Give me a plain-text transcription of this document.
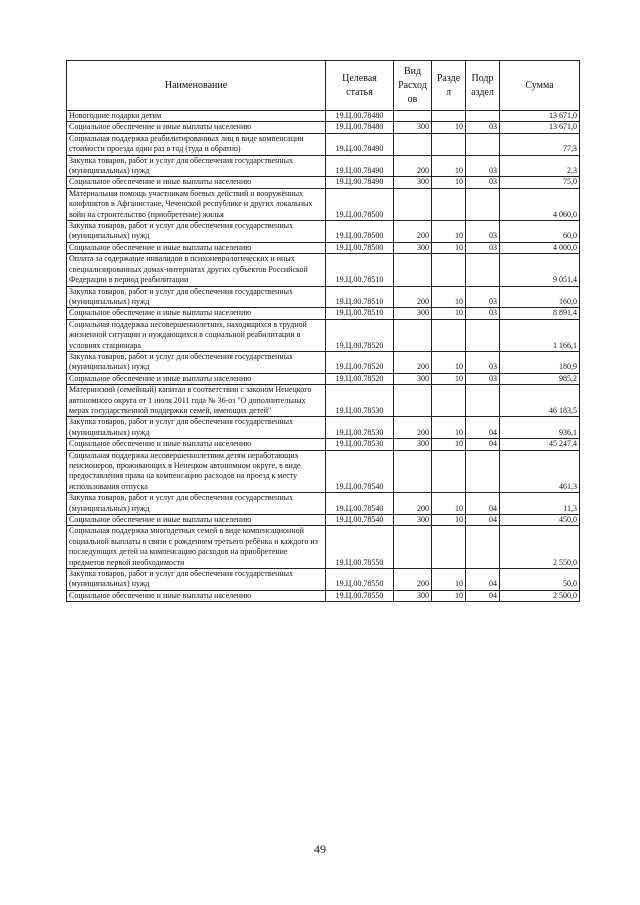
Наименование	Целевая статья	Вид Расход ов	Разде л	Подр аздел	Сумма
Новогодние подарки детям	19.Ц.00.78480				13 671,0
Социальное обеспечение и иные выплаты населению	19.Ц.00.78480	300	10	03	13 671,0
Социальная поддержка реабилитированных лиц в виде компенсации стоимости проезда один раз в год (туда и обратно)	19.Ц.00.78490				77,3
Закупка товаров, работ и услуг для обеспечения государственных (муниципальных) нужд	19.Ц.00.78490	200	10	03	2,3
Социальное обеспечение и иные выплаты населению	19.Ц.00.78490	300	10	03	75,0
Материальная помощь участникам боевых действий и вооружённых конфликтов в Афганистане, Чеченской республике и других локальных войн на строительство (приобретение) жилья	19.Ц.00.78500				4 060,0
Закупка товаров, работ и услуг для обеспечения государственных (муниципальных) нужд	19.Ц.00.78500	200	10	03	60,0
Социальное обеспечение и иные выплаты населению	19.Ц.00.78500	300	10	03	4 000,0
Оплата за содержание инвалидов в психоневрологических и иных специализированных домах-интернатах других субъектов Российской Федерации в период реабилитации	19.Ц.00.78510				9 051,4
Закупка товаров, работ и услуг для обеспечения государственных (муниципальных) нужд	19.Ц.00.78510	200	10	03	160,0
Социальное обеспечение и иные выплаты населению	19.Ц.00.78510	300	10	03	8 891,4
Социальная поддержка несовершеннолетних, находящихся в трудной жизненной ситуации и нуждающихся в социальной реабилитации в условиях стационара	19.Ц.00.78520				1 166,1
Закупка товаров, работ и услуг для обеспечения государственных (муниципальных) нужд	19.Ц.00.78520	200	10	03	180,9
Социальное обеспечение и иные выплаты населению	19.Ц.00.78520	300	10	03	985,2
Материнский (семейный) капитал в соответствии с законом Ненецкого автономного округа от 1 июля 2011 года № 36-оз "О дополнительных мерах государственной поддержки семей, имеющих детей"	19.Ц.00.78530				46 183,5
Закупка товаров, работ и услуг для обеспечения государственных (муниципальных) нужд	19.Ц.00.78530	200	10	04	936,1
Социальное обеспечение и иные выплаты населению	19.Ц.00.78530	300	10	04	45 247,4
Социальная поддержка несовершеннолетним детям неработающих пенсионеров, проживающих в Ненецком автономном округе, в виде предоставления права на компенсацию расходов на проезд к месту использования отпуска	19.Ц.00.78540				461,3
Закупка товаров, работ и услуг для обеспечения государственных (муниципальных) нужд	19.Ц.00.78540	200	10	04	11,3
Социальное обеспечение и иные выплаты населению	19.Ц.00.78540	300	10	04	450,0
Социальная поддержка многодетных семей в виде компенсационной социальной выплаты в связи с рождением третьего ребёнка и каждого из последующих детей на компенсацию расходов на приобретение предметов первой необходимости	19.Ц.00.78550				2 550,0
Закупка товаров, работ и услуг для обеспечения государственных (муниципальных) нужд	19.Ц.00.78550	200	10	04	50,0
Социальное обеспечение и иные выплаты населению	19.Ц.00.78550	300	10	04	2 500,0
49
